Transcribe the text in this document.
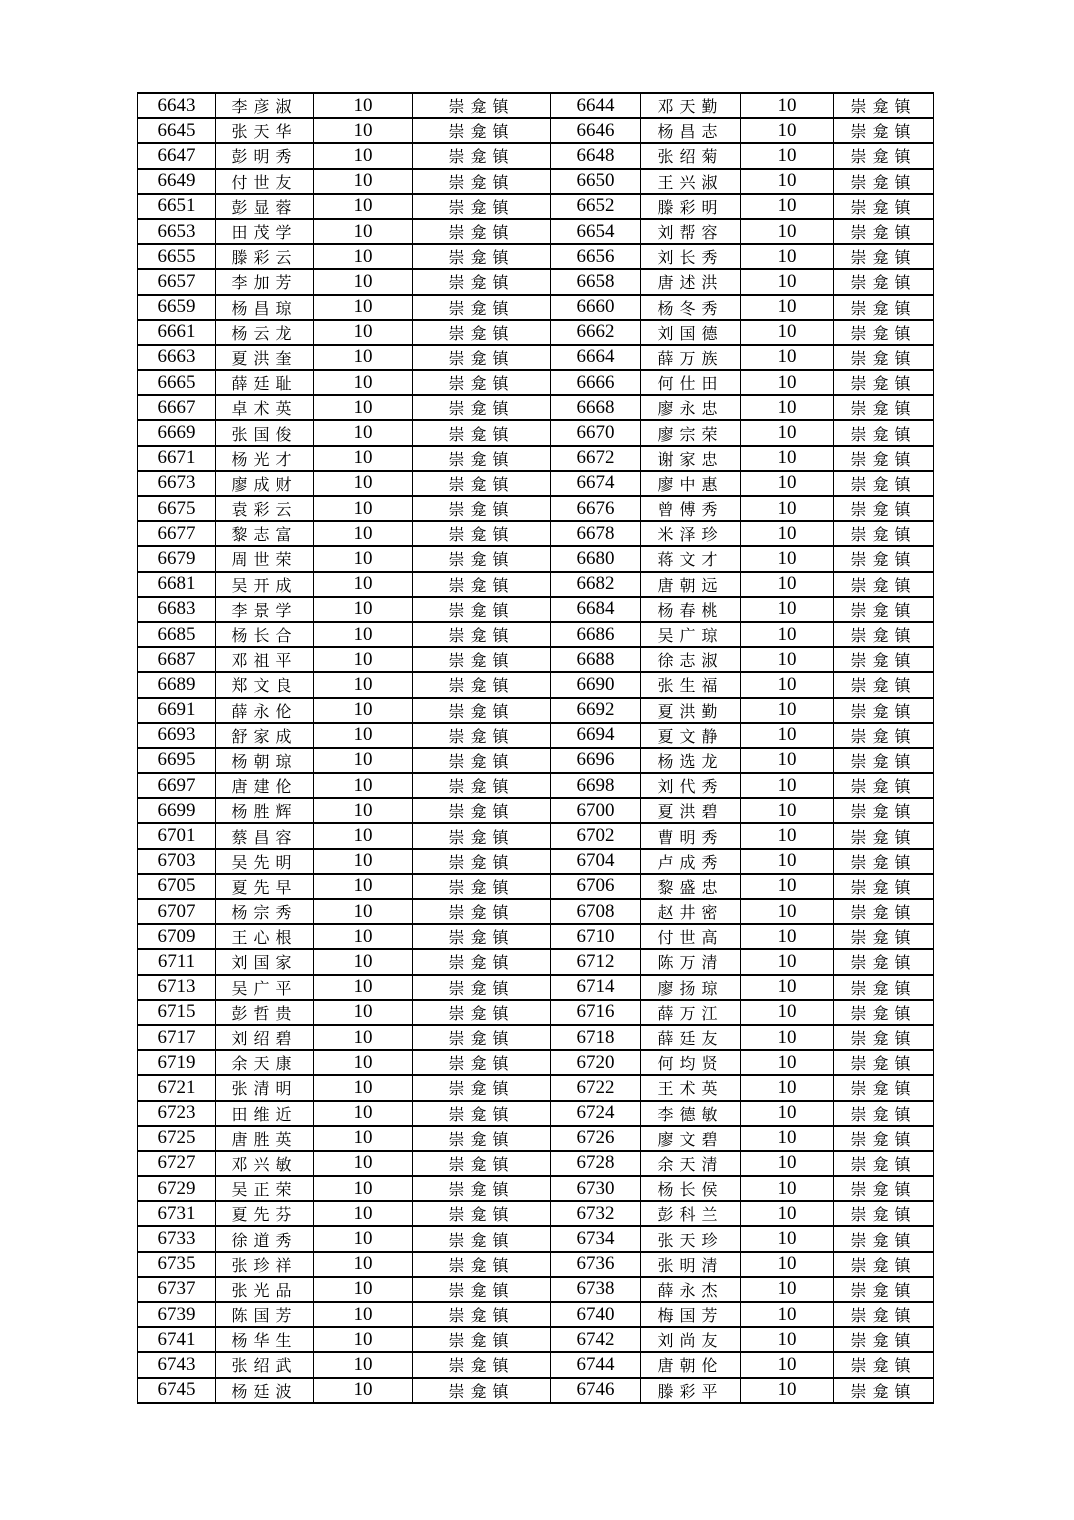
6643	李彦淑	10	崇龛镇	6644	邓天勤	10	崇龛镇
6645	张天华	10	崇龛镇	6646	杨昌志	10	崇龛镇
6647	彭明秀	10	崇龛镇	6648	张绍菊	10	崇龛镇
6649	付世友	10	崇龛镇	6650	王兴淑	10	崇龛镇
6651	彭显蓉	10	崇龛镇	6652	滕彩明	10	崇龛镇
6653	田茂学	10	崇龛镇	6654	刘帮容	10	崇龛镇
6655	滕彩云	10	崇龛镇	6656	刘长秀	10	崇龛镇
6657	李加芳	10	崇龛镇	6658	唐述洪	10	崇龛镇
6659	杨昌琼	10	崇龛镇	6660	杨冬秀	10	崇龛镇
6661	杨云龙	10	崇龛镇	6662	刘国德	10	崇龛镇
6663	夏洪奎	10	崇龛镇	6664	薛万族	10	崇龛镇
6665	薛廷耻	10	崇龛镇	6666	何仕田	10	崇龛镇
6667	卓术英	10	崇龛镇	6668	廖永忠	10	崇龛镇
6669	张国俊	10	崇龛镇	6670	廖宗荣	10	崇龛镇
6671	杨光才	10	崇龛镇	6672	谢家忠	10	崇龛镇
6673	廖成财	10	崇龛镇	6674	廖中惠	10	崇龛镇
6675	袁彩云	10	崇龛镇	6676	曾傅秀	10	崇龛镇
6677	黎志富	10	崇龛镇	6678	米泽珍	10	崇龛镇
6679	周世荣	10	崇龛镇	6680	蒋文才	10	崇龛镇
6681	吴开成	10	崇龛镇	6682	唐朝远	10	崇龛镇
6683	李景学	10	崇龛镇	6684	杨春桃	10	崇龛镇
6685	杨长合	10	崇龛镇	6686	吴广琼	10	崇龛镇
6687	邓祖平	10	崇龛镇	6688	徐志淑	10	崇龛镇
6689	郑文良	10	崇龛镇	6690	张生福	10	崇龛镇
6691	薛永伦	10	崇龛镇	6692	夏洪勤	10	崇龛镇
6693	舒家成	10	崇龛镇	6694	夏文静	10	崇龛镇
6695	杨朝琼	10	崇龛镇	6696	杨选龙	10	崇龛镇
6697	唐建伦	10	崇龛镇	6698	刘代秀	10	崇龛镇
6699	杨胜辉	10	崇龛镇	6700	夏洪碧	10	崇龛镇
6701	蔡昌容	10	崇龛镇	6702	曹明秀	10	崇龛镇
6703	吴先明	10	崇龛镇	6704	卢成秀	10	崇龛镇
6705	夏先早	10	崇龛镇	6706	黎盛忠	10	崇龛镇
6707	杨宗秀	10	崇龛镇	6708	赵井密	10	崇龛镇
6709	王心根	10	崇龛镇	6710	付世高	10	崇龛镇
6711	刘国家	10	崇龛镇	6712	陈万清	10	崇龛镇
6713	吴广平	10	崇龛镇	6714	廖扬琼	10	崇龛镇
6715	彭哲贵	10	崇龛镇	6716	薛万江	10	崇龛镇
6717	刘绍碧	10	崇龛镇	6718	薛廷友	10	崇龛镇
6719	余天康	10	崇龛镇	6720	何均贤	10	崇龛镇
6721	张清明	10	崇龛镇	6722	王术英	10	崇龛镇
6723	田维近	10	崇龛镇	6724	李德敏	10	崇龛镇
6725	唐胜英	10	崇龛镇	6726	廖文碧	10	崇龛镇
6727	邓兴敏	10	崇龛镇	6728	余天清	10	崇龛镇
6729	吴正荣	10	崇龛镇	6730	杨长侯	10	崇龛镇
6731	夏先芬	10	崇龛镇	6732	彭科兰	10	崇龛镇
6733	徐道秀	10	崇龛镇	6734	张天珍	10	崇龛镇
6735	张珍祥	10	崇龛镇	6736	张明清	10	崇龛镇
6737	张光品	10	崇龛镇	6738	薛永杰	10	崇龛镇
6739	陈国芳	10	崇龛镇	6740	梅国芳	10	崇龛镇
6741	杨华生	10	崇龛镇	6742	刘尚友	10	崇龛镇
6743	张绍武	10	崇龛镇	6744	唐朝伦	10	崇龛镇
6745	杨廷波	10	崇龛镇	6746	滕彩平	10	崇龛镇
